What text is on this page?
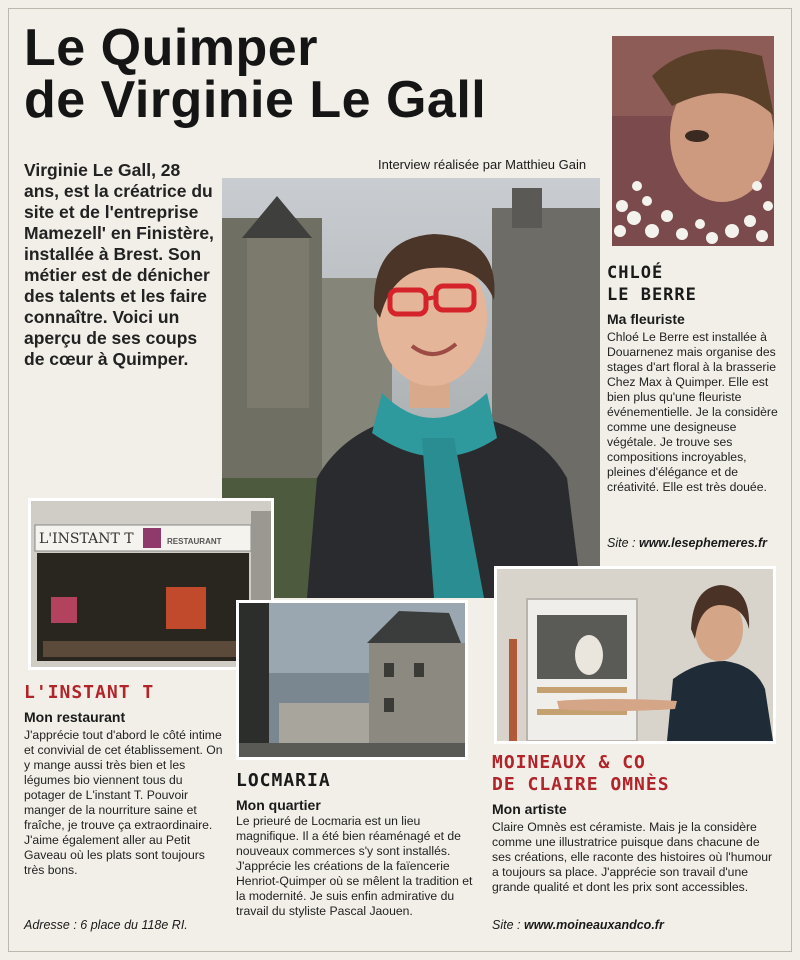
Le Quimper
de Virginie Le Gall
Interview réalisée par Matthieu Gain
Virginie Le Gall, 28 ans, est la créatrice du site et de l'entreprise Mamezell' en Finistère, installée à Brest. Son métier est de dénicher des talents et les faire connaître. Voici un aperçu de ses coups de cœur à Quimper.
CHLOÉ
LE BERRE
Ma fleuriste
Chloé Le Berre est installée à Douarnenez mais organise des stages d'art floral à la brasserie Chez Max à Quimper. Elle est bien plus qu'une fleuriste événementielle. Je la considère comme une designeuse végétale. Je trouve ses compositions incroyables, pleines d'élégance et de créativité. Elle est très douée.
Site : www.lesephemeres.fr
L'INSTANT T	RESTAURANT
L'INSTANT T
Mon restaurant
J'apprécie tout d'abord le côté intime et convivial de cet établissement. On y mange aussi très bien et les légumes bio viennent tous du potager de L'instant T. Pouvoir manger de la nourriture saine et fraîche, je trouve ça extraordinaire. J'aime également aller au Petit Gaveau où les plats sont toujours très bons.
Adresse : 6 place du 118e RI.
LOCMARIA
Mon quartier
Le prieuré de Locmaria est un lieu magnifique. Il a été bien réaménagé et de nouveaux commerces s'y sont installés. J'apprécie les créations de la faïencerie Henriot-Quimper où se mêlent la tradition et la modernité. Je suis enfin admirative du travail du styliste Pascal Jaouen.
MOINEAUX & CO
DE CLAIRE OMNÈS
Mon artiste
Claire Omnès est céramiste. Mais je la considère comme une illustratrice puisque dans chacune de ses créations, elle raconte des histoires où l'humour a toujours sa place. J'apprécie son travail d'une grande qualité et dont les prix sont accessibles.
Site : www.moineauxandco.fr
